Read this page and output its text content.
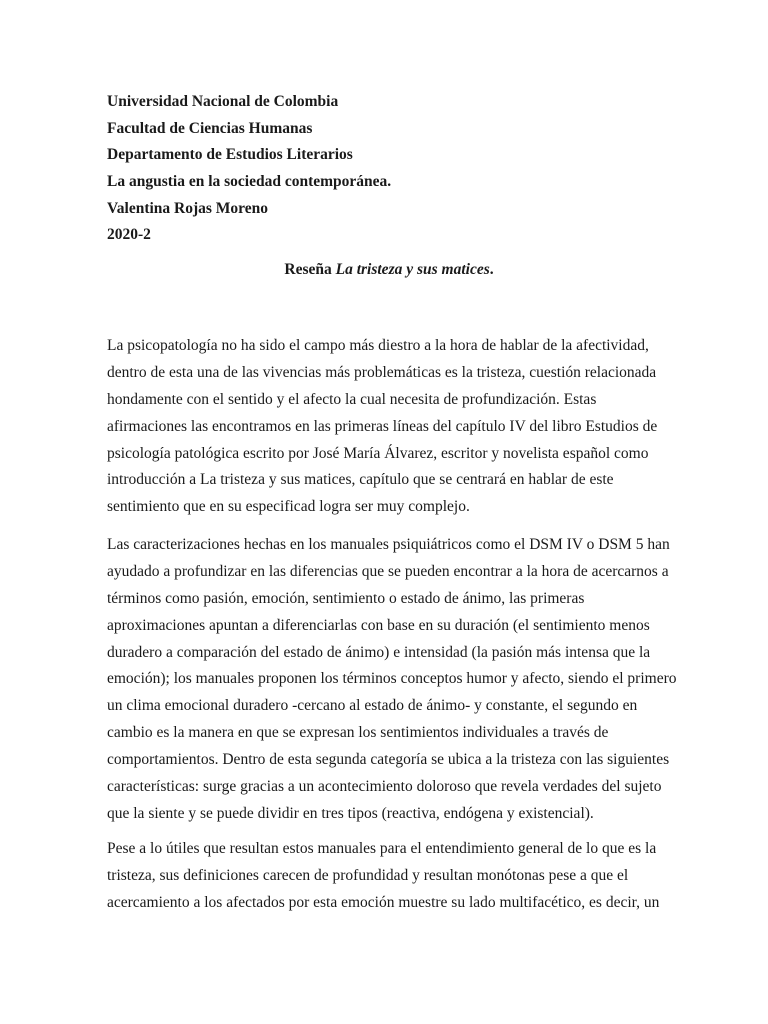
Universidad Nacional de Colombia
Facultad de Ciencias Humanas
Departamento de Estudios Literarios
La angustia en la sociedad contemporánea.
Valentina Rojas Moreno
2020-2
Reseña La tristeza y sus matices.
La psicopatología no ha sido el campo más diestro a la hora de hablar de la afectividad,
dentro de esta una de las vivencias más problemáticas es la tristeza, cuestión relacionada
hondamente con el sentido y el afecto la cual necesita de profundización. Estas
afirmaciones las encontramos en las primeras líneas del capítulo IV del libro Estudios de
psicología patológica escrito por José María Álvarez, escritor y novelista español como
introducción a La tristeza y sus matices, capítulo que se centrará en hablar de este
sentimiento que en su especificad logra ser muy complejo.
Las caracterizaciones hechas en los manuales psiquiátricos como el DSM IV o DSM 5 han
ayudado a profundizar en las diferencias que se pueden encontrar a la hora de acercarnos a
términos como pasión, emoción, sentimiento o estado de ánimo, las primeras
aproximaciones apuntan a diferenciarlas con base en su duración (el sentimiento menos
duradero a comparación del estado de ánimo) e intensidad (la pasión más intensa que la
emoción); los manuales proponen los términos conceptos humor y afecto, siendo el primero
un clima emocional duradero -cercano al estado de ánimo- y constante, el segundo en
cambio es la manera en que se expresan los sentimientos individuales a través de
comportamientos. Dentro de esta segunda categoría se ubica a la tristeza con las siguientes
características: surge gracias a un acontecimiento doloroso que revela verdades del sujeto
que la siente y se puede dividir en tres tipos (reactiva, endógena y existencial).
Pese a lo útiles que resultan estos manuales para el entendimiento general de lo que es la
tristeza, sus definiciones carecen de profundidad y resultan monótonas pese a que el
acercamiento a los afectados por esta emoción muestre su lado multifacético, es decir, un
